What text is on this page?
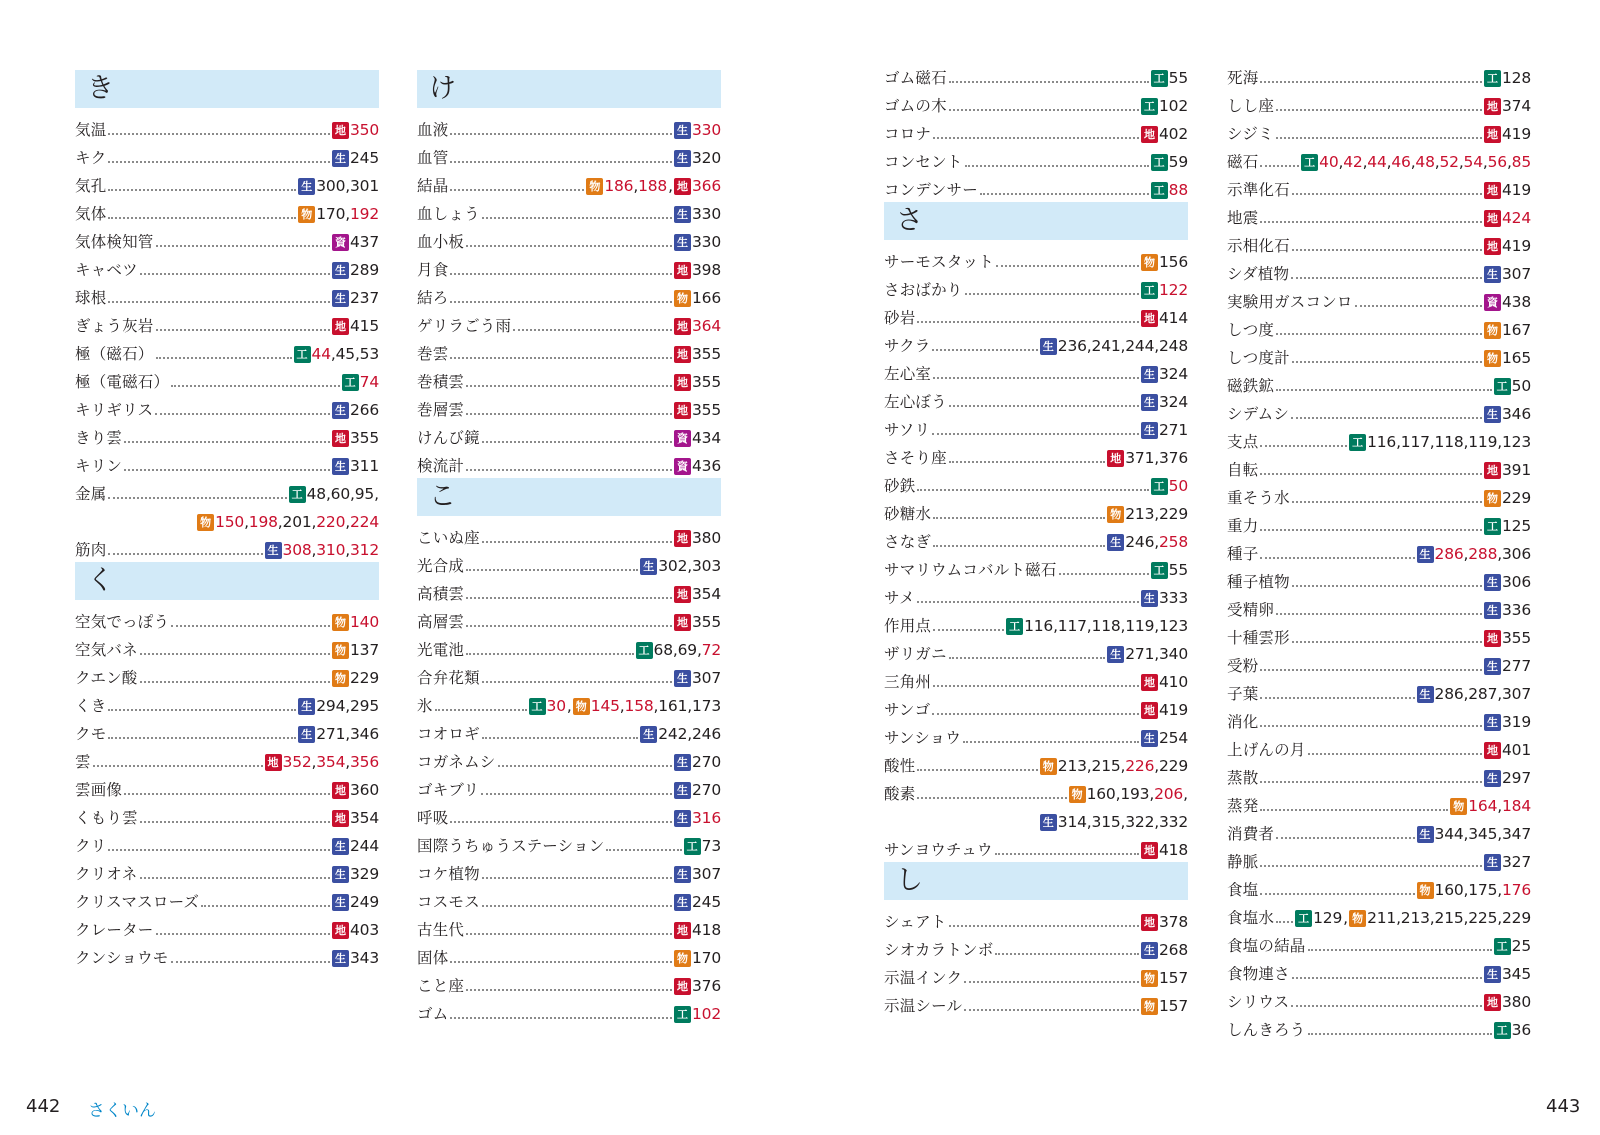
き
気温	地 350
キク	生 245
気孔	生 300,301
気体	物 170,192
気体検知管	資 437
キャベツ	生 289
球根	生 237
ぎょう灰岩	地 415
極（磁石）	工 44,45,53
極（電磁石）	工 74
キリギリス	生 266
きり雲	地 355
キリン	生 311
金属	工 48,60,95 ,
物 150,198,201,220,224
筋肉	生 308,310,312
く
空気でっぽう	物 140
空気バネ	物 137
クエン酸	物 229
くき	生 294,295
クモ	生 271,346
雲	地 352,354,356
雲画像	地 360
くもり雲	地 354
クリ	生 244
クリオネ	生 329
クリスマスローズ	生 249
クレーター	地 403
クンショウモ	生 343
け
血液	生 330
血管	生 320
結晶	物 186,188 , 地 366
血しょう	生 330
血小板	生 330
月食	地 398
結ろ	物 166
ゲリラごう雨	地 364
巻雲	地 355
巻積雲	地 355
巻層雲	地 355
けんび鏡	資 434
検流計	資 436
こ
こいぬ座	地 380
光合成	生 302,303
高積雲	地 354
高層雲	地 355
光電池	工 68,69,72
合弁花類	生 307
氷	工 30 , 物 145,158,161,173
コオロギ	生 242,246
コガネムシ	生 270
ゴキブリ	生 270
呼吸	生 316
国際うちゅうステーション	工 73
コケ植物	生 307
コスモス	生 245
古生代	地 418
固体	物 170
こと座	地 376
ゴム	工 102
ゴム磁石	工 55
ゴムの木	工 102
コロナ	地 402
コンセント	工 59
コンデンサー	工 88
さ
サーモスタット	物 156
さおばかり	工 122
砂岩	地 414
サクラ	生 236,241,244,248
左心室	生 324
左心ぼう	生 324
サソリ	生 271
さそり座	地 371,376
砂鉄	工 50
砂糖水	物 213,229
さなぎ	生 246,258
サマリウムコバルト磁石	工 55
サメ	生 333
作用点	工 116,117,118,119,123
ザリガニ	生 271,340
三角州	地 410
サンゴ	地 419
サンショウ	生 254
酸性	物 213,215,226,229
酸素	物 160,193,206 ,
生 314,315,322,332
サンヨウチュウ	地 418
し
シェアト	地 378
シオカラトンボ	生 268
示温インク	物 157
示温シール	物 157
死海	工 128
しし座	地 374
シジミ	地 419
磁石	工 40,42,44,46,48,52,54,56,85
示準化石	地 419
地震	地 424
示相化石	地 419
シダ植物	生 307
実験用ガスコンロ	資 438
しつ度	物 167
しつ度計	物 165
磁鉄鉱	工 50
シデムシ	生 346
支点	工 116,117,118,119,123
自転	地 391
重そう水	物 229
重力	工 125
種子	生 286,288,306
種子植物	生 306
受精卵	生 336
十種雲形	地 355
受粉	生 277
子葉	生 286,287,307
消化	生 319
上げんの月	地 401
蒸散	生 297
蒸発	物 164,184
消費者	生 344,345,347
静脈	生 327
食塩	物 160,175,176
食塩水 工 129 , 物 211,213,215,225,229
食塩の結晶	工 25
食物連さ	生 345
シリウス	地 380
しんきろう	工 36
442 さくいん	443
